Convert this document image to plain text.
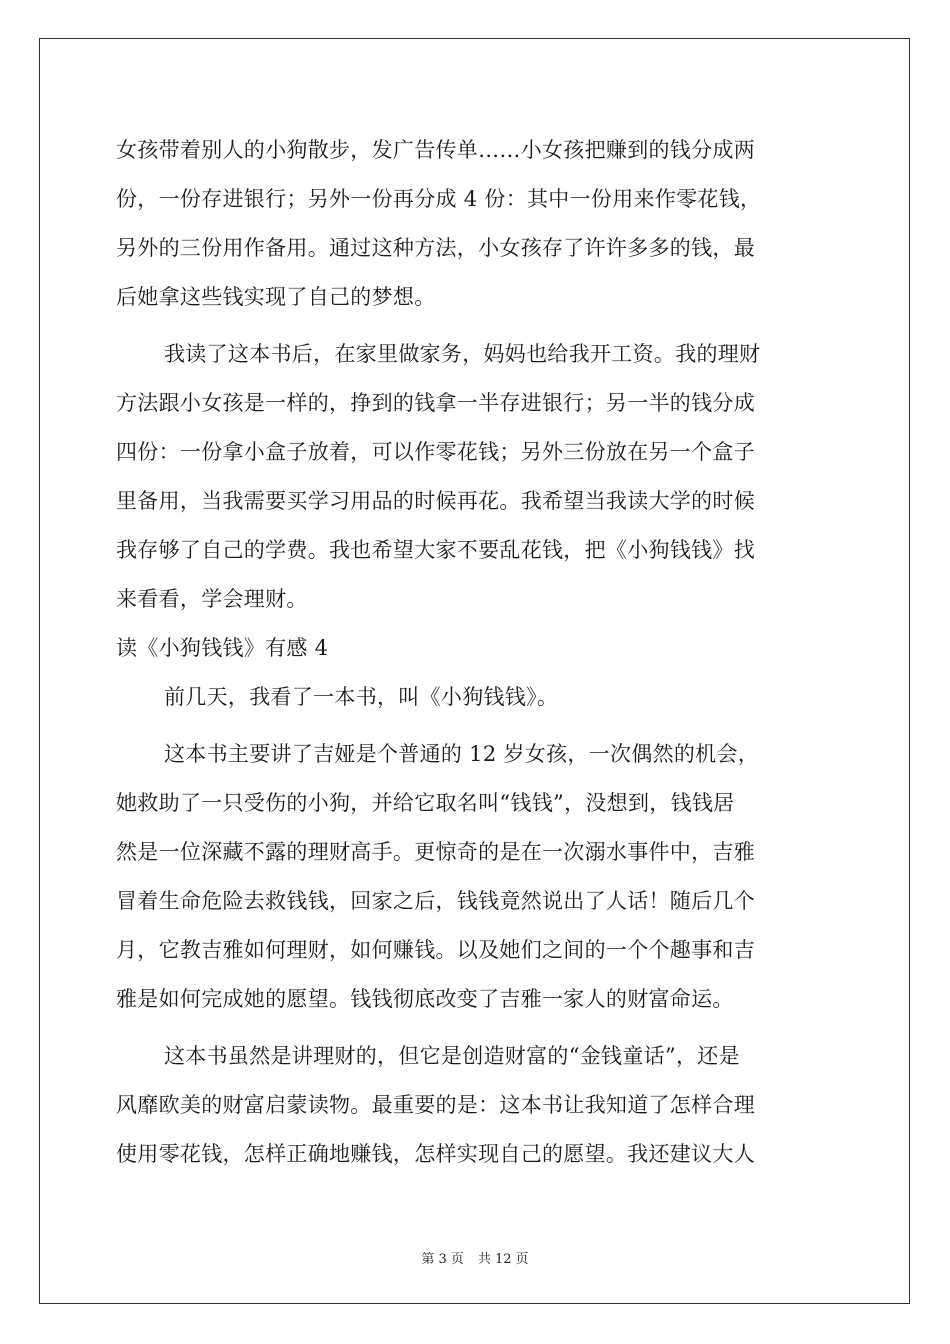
女孩带着别人的小狗散步，发广告传单……小女孩把赚到的钱分成两
份，一份存进银行；另外一份再分成 4 份：其中一份用来作零花钱，
另外的三份用作备用。通过这种方法，小女孩存了许许多多的钱，最
后她拿这些钱实现了自己的梦想。
我读了这本书后，在家里做家务，妈妈也给我开工资。我的理财
方法跟小女孩是一样的，挣到的钱拿一半存进银行；另一半的钱分成
四份：一份拿小盒子放着，可以作零花钱；另外三份放在另一个盒子
里备用，当我需要买学习用品的时候再花。我希望当我读大学的时候
我存够了自己的学费。我也希望大家不要乱花钱，把《小狗钱钱》找
来看看，学会理财。
读《小狗钱钱》有感 4
前几天，我看了一本书，叫《小狗钱钱》。
这本书主要讲了吉娅是个普通的 12 岁女孩，一次偶然的机会，
她救助了一只受伤的小狗，并给它取名叫“钱钱”，没想到，钱钱居
然是一位深藏不露的理财高手。更惊奇的是在一次溺水事件中，吉雅
冒着生命危险去救钱钱，回家之后，钱钱竟然说出了人话！随后几个
月，它教吉雅如何理财，如何赚钱。以及她们之间的一个个趣事和吉
雅是如何完成她的愿望。钱钱彻底改变了吉雅一家人的财富命运。
这本书虽然是讲理财的，但它是创造财富的“金钱童话”，还是
风靡欧美的财富启蒙读物。最重要的是：这本书让我知道了怎样合理
使用零花钱，怎样正确地赚钱，怎样实现自己的愿望。我还建议大人
第 3 页 共 12 页
